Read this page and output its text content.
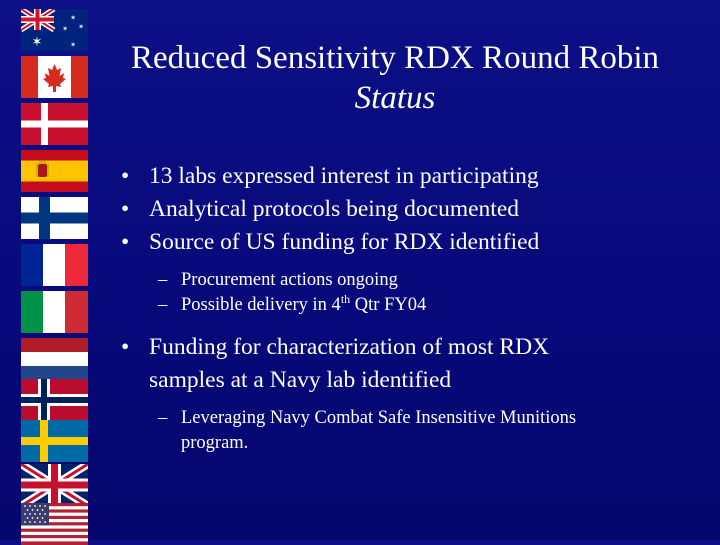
✶
✶
✶ ✶
✶	Reduced Sensitivity RDX Round Robin

Status
• 13 labs expressed interest in participating
• Analytical protocols being documented
• Source of US funding for RDX identified
– Procurement actions ongoing
– Possible delivery in 4th Qtr FY04
• Funding for characterization of most RDX
samples at a Navy lab identified
– Leveraging Navy Combat Safe Insensitive Munitions
program.
